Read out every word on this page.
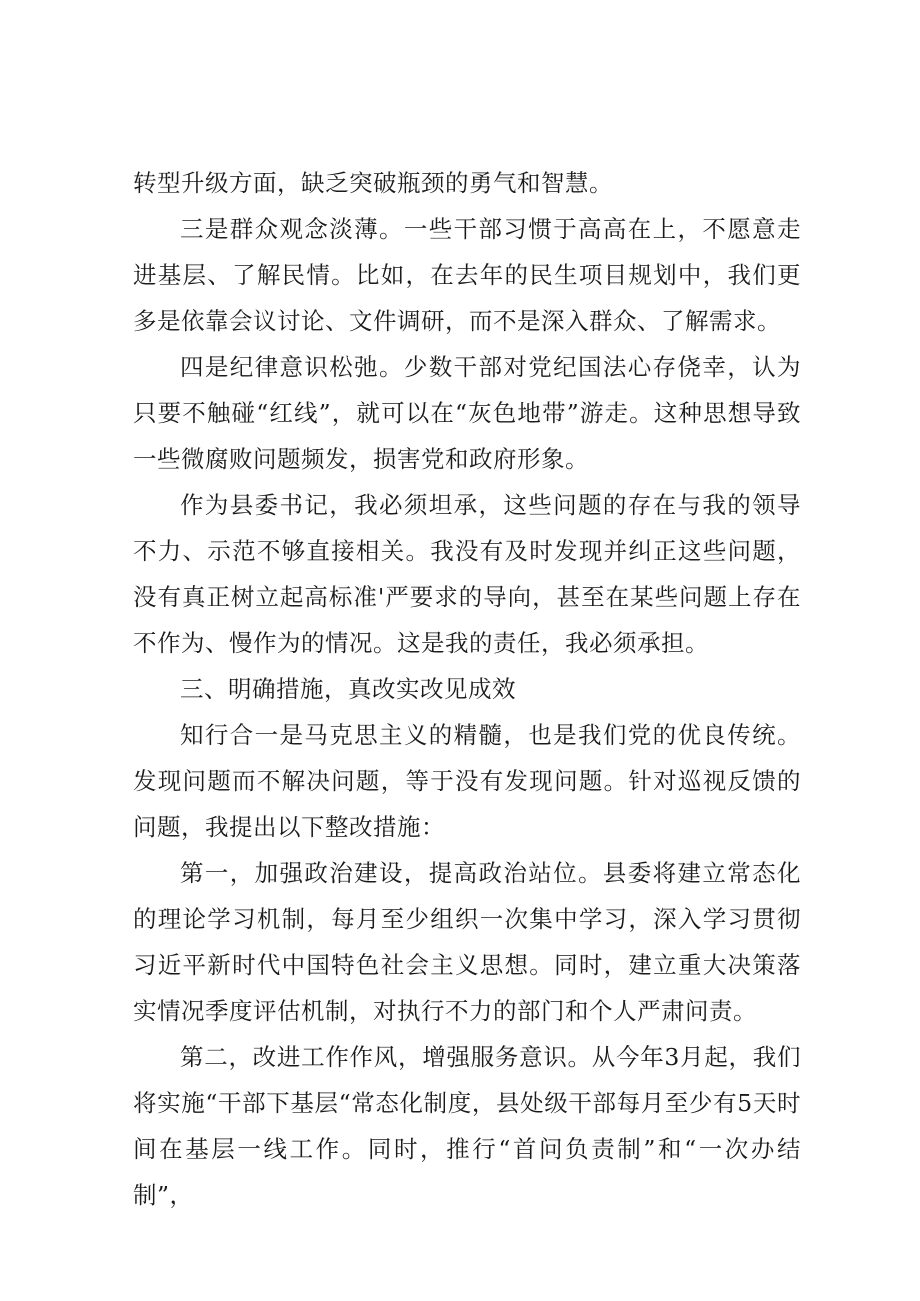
转型升级方面，缺乏突破瓶颈的勇气和智慧。

三是群众观念淡薄。一些干部习惯于高高在上，不愿意走进基层、了解民情。比如，在去年的民生项目规划中，我们更多是依靠会议讨论、文件调研，而不是深入群众、了解需求。

四是纪律意识松弛。少数干部对党纪国法心存侥幸，认为只要不触碰“红线”，就可以在“灰色地带”游走。这种思想导致一些微腐败问题频发，损害党和政府形象。

作为县委书记，我必须坦承，这些问题的存在与我的领导不力、示范不够直接相关。我没有及时发现并纠正这些问题，没有真正树立起高标准'严要求的导向，甚至在某些问题上存在不作为、慢作为的情况。这是我的责任，我必须承担。

三、明确措施，真改实改见成效

知行合一是马克思主义的精髓，也是我们党的优良传统。发现问题而不解决问题，等于没有发现问题。针对巡视反馈的问题，我提出以下整改措施：

第一，加强政治建设，提高政治站位。县委将建立常态化的理论学习机制，每月至少组织一次集中学习，深入学习贯彻习近平新时代中国特色社会主义思想。同时，建立重大决策落实情况季度评估机制，对执行不力的部门和个人严肃问责。

第二，改进工作作风，增强服务意识。从今年3月起，我们将实施“干部下基层“常态化制度，县处级干部每月至少有5天时间在基层一线工作。同时，推行“首问负责制”和“一次办结制”，
